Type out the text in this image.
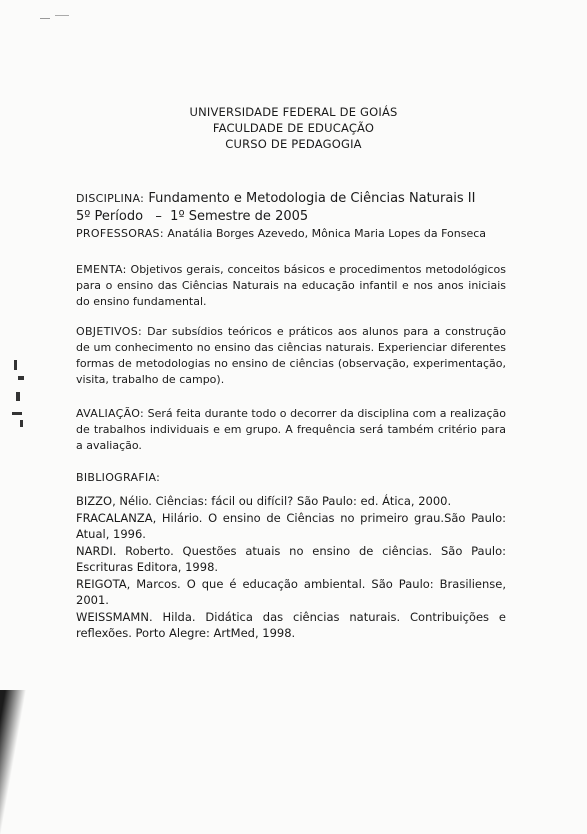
UNIVERSIDADE FEDERAL DE GOIÁS
FACULDADE DE EDUCAÇÃO
CURSO DE PEDAGOGIA
DISCIPLINA: Fundamento e Metodologia de Ciências Naturais II
5º Período   –  1º Semestre de 2005
PROFESSORAS: Anatália Borges Azevedo, Mônica Maria Lopes da Fonseca
EMENTA: Objetivos gerais, conceitos básicos e procedimentos metodológicos para o ensino das Ciências Naturais na educação infantil e nos anos iniciais do ensino fundamental.
OBJETIVOS: Dar subsídios teóricos e práticos aos alunos para a construção de um conhecimento no ensino das ciências naturais. Experienciar diferentes formas de metodologias no ensino de ciências (observação, experimentação, visita, trabalho de campo).
AVALIAÇÃO: Será feita durante todo o decorrer da disciplina com a realização de trabalhos individuais e em grupo. A frequência será também critério para a avaliação.
BIBLIOGRAFIA:

BIZZO, Nélio. Ciências: fácil ou difícil? São Paulo: ed. Ática, 2000.

FRACALANZA, Hilário. O ensino de Ciências no primeiro grau.São Paulo: Atual, 1996.

NARDI. Roberto. Questões atuais no ensino de ciências. São Paulo: Escrituras Editora, 1998.

REIGOTA, Marcos. O que é educação ambiental. São Paulo: Brasiliense, 2001.

WEISSMAMN. Hilda. Didática das ciências naturais. Contribuições e reflexões. Porto Alegre: ArtMed, 1998.
